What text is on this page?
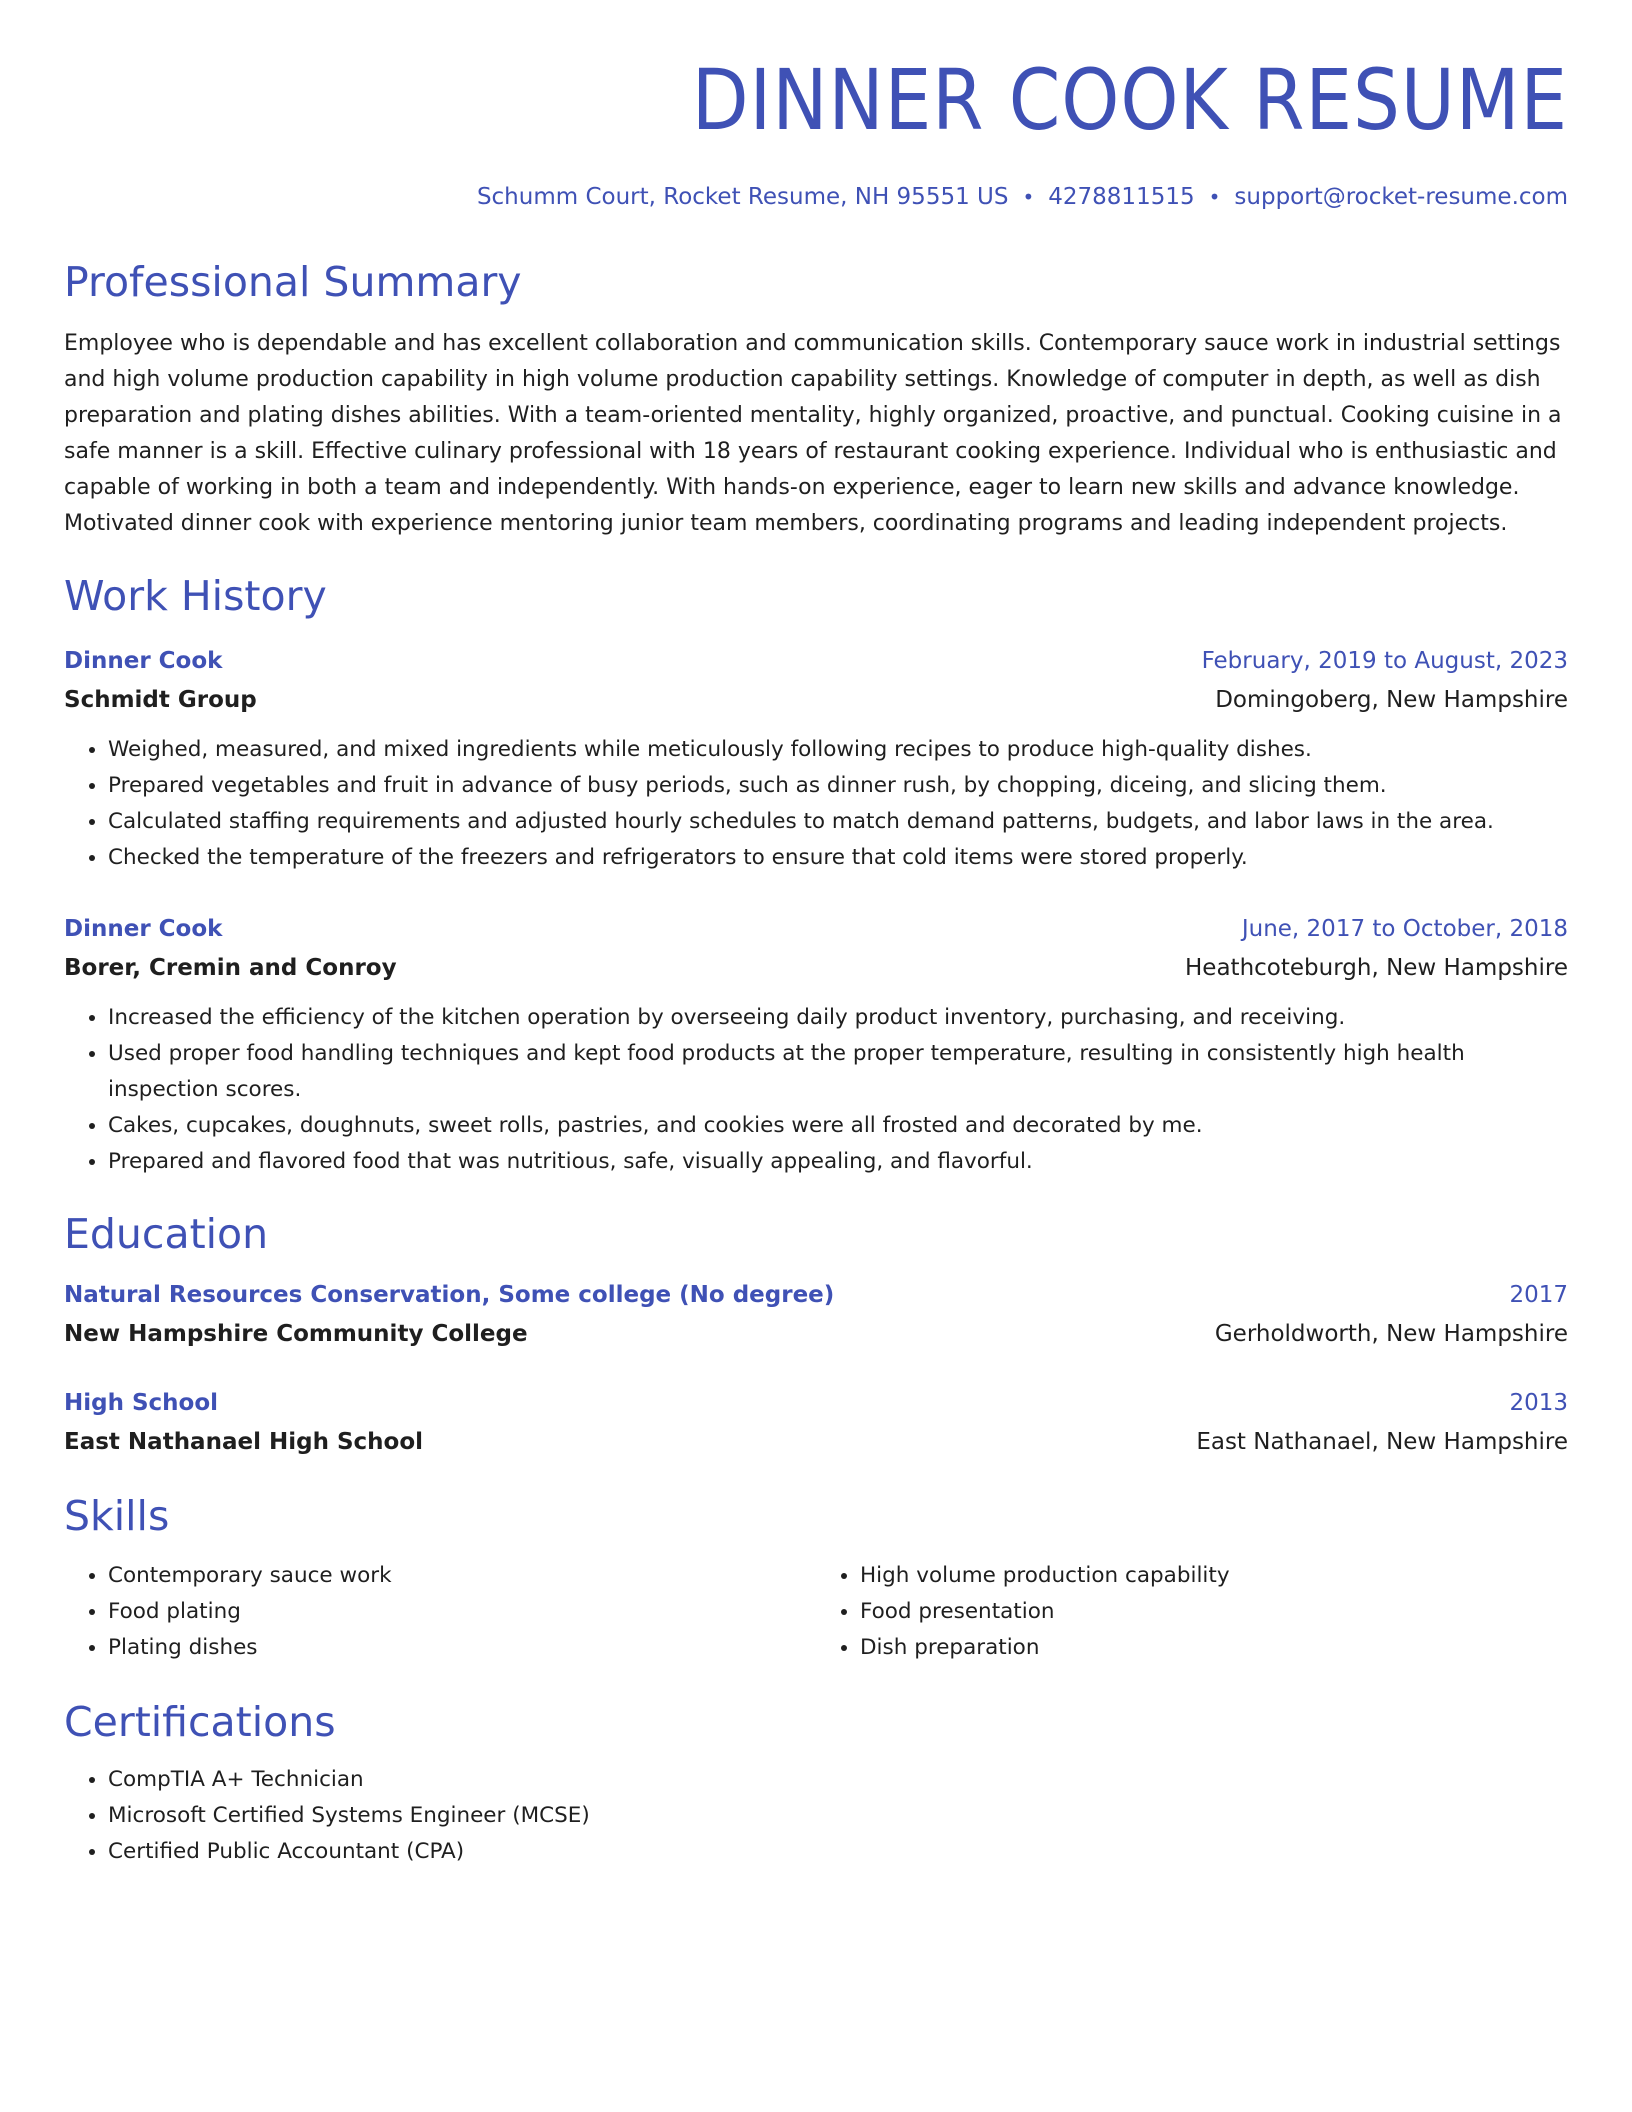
DINNER COOK RESUME
Schumm Court, Rocket Resume, NH 95551 US • 4278811515 • support@rocket-resume.com
Professional Summary

Employee who is dependable and has excellent collaboration and communication skills. Contemporary sauce work in industrial settings and high volume production capability in high volume production capability settings. Knowledge of computer in depth, as well as dish preparation and plating dishes abilities. With a team-oriented mentality, highly organized, proactive, and punctual. Cooking cuisine in a safe manner is a skill. Effective culinary professional with 18 years of restaurant cooking experience. Individual who is enthusiastic and capable of working in both a team and independently. With hands-on experience, eager to learn new skills and advance knowledge. Motivated dinner cook with experience mentoring junior team members, coordinating programs and leading independent projects.

Work History
Dinner Cook	February, 2019 to August, 2023
Schmidt Group	Domingoberg, New Hampshire
• Weighed, measured, and mixed ingredients while meticulously following recipes to produce high-quality dishes.
• Prepared vegetables and fruit in advance of busy periods, such as dinner rush, by chopping, diceing, and slicing them.
• Calculated staffing requirements and adjusted hourly schedules to match demand patterns, budgets, and labor laws in the area.
• Checked the temperature of the freezers and refrigerators to ensure that cold items were stored properly.
Dinner Cook	June, 2017 to October, 2018
Borer, Cremin and Conroy	Heathcoteburgh, New Hampshire
• Increased the efficiency of the kitchen operation by overseeing daily product inventory, purchasing, and receiving.
• Used proper food handling techniques and kept food products at the proper temperature, resulting in consistently high health inspection scores.
• Cakes, cupcakes, doughnuts, sweet rolls, pastries, and cookies were all frosted and decorated by me.
• Prepared and flavored food that was nutritious, safe, visually appealing, and flavorful.
Education
Natural Resources Conservation, Some college (No degree)	2017
New Hampshire Community College	Gerholdworth, New Hampshire
High School	2013
East Nathanael High School	East Nathanael, New Hampshire
Skills
• Contemporary sauce work
• Food plating
• Plating dishes
• High volume production capability
• Food presentation
• Dish preparation
Certifications
• CompTIA A+ Technician
• Microsoft Certified Systems Engineer (MCSE)
• Certified Public Accountant (CPA)
